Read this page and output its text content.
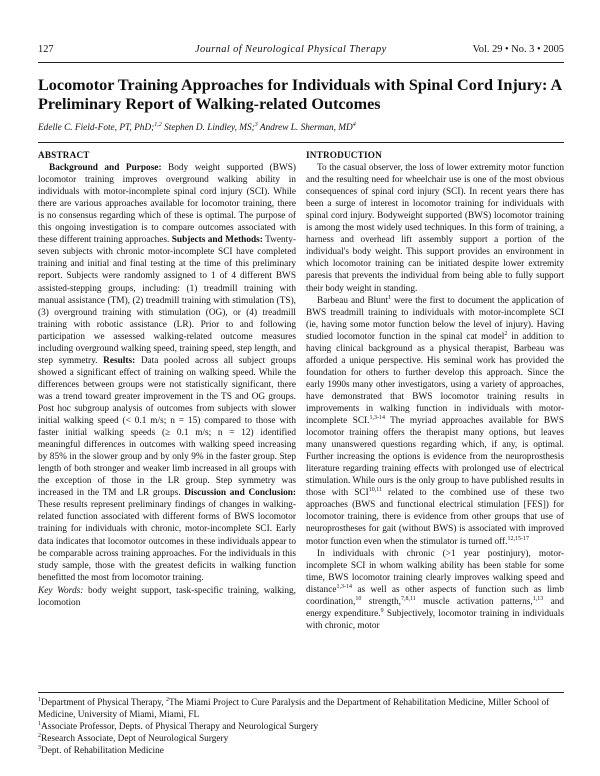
127	Journal of Neurological Physical Therapy	Vol. 29 • No. 3 • 2005
Locomotor Training Approaches for Individuals with Spinal Cord Injury: A Preliminary Report of Walking-related Outcomes
Edelle C. Field-Fote, PT, PhD;$^{1,2}$ Stephen D. Lindley, MS;$^3$ Andrew L. Sherman, $MD^4$
ABSTRACT

Background and Purpose: Body weight supported (BWS) locomotor training improves overground walking ability in individuals with motor-incomplete spinal cord injury (SCI). While there are various approaches available for locomotor training, there is no consensus regarding which of these is optimal. The purpose of this ongoing investigation is to compare outcomes associated with these different training approaches. Subjects and Methods: Twenty-seven subjects with chronic motor-incomplete SCI have completed training and initial and final testing at the time of this preliminary report. Subjects were randomly assigned to 1 of 4 different BWS assisted-stepping groups, including: (1) treadmill training with manual assistance (TM), (2) treadmill training with stimulation (TS), (3) overground training with stimulation (OG), or (4) treadmill training with robotic assistance (LR). Prior to and following participation we assessed walking-related outcome measures including overground walking speed, training speed, step length, and step symmetry. Results: Data pooled across all subject groups showed a significant effect of training on walking speed. While the differences between groups were not statistically significant, there was a trend toward greater improvement in the TS and OG groups. Post hoc subgroup analysis of outcomes from subjects with slower initial walking speed (< 0.1 m/s; n = 15) compared to those with faster initial walking speeds (≥ 0.1 m/s; n = 12) identified meaningful differences in outcomes with walking speed increasing by 85% in the slower group and by only 9% in the faster group. Step length of both stronger and weaker limb increased in all groups with the exception of those in the LR group. Step symmetry was increased in the TM and LR groups. Discussion and Conclusion: These results represent preliminary findings of changes in walking-related function associated with different forms of BWS locomotor training for individuals with chronic, motor-incomplete SCI. Early data indicates that locomotor outcomes in these individuals appear to be comparable across training approaches. For the individuals in this study sample, those with the greatest deficits in walking function benefitted the most from locomotor training.

Key Words: body weight support, task-specific training, walking, locomotion

INTRODUCTION

To the casual observer, the loss of lower extremity motor function and the resulting need for wheelchair use is one of the most obvious consequences of spinal cord injury (SCI). In recent years there has been a surge of interest in locomotor training for individuals with spinal cord injury. Bodyweight supported (BWS) locomotor training is among the most widely used techniques. In this form of training, a harness and overhead lift assembly support a portion of the individual's body weight. This support provides an environment in which locomotor training can be initiated despite lower extremity paresis that prevents the individual from being able to fully support their body weight in standing.

Barbeau and Blunt$^1$ were the first to document the application of BWS treadmill training to individuals with motor-incomplete SCI (ie, having some motor function below the level of injury). Having studied locomotor function in the spinal cat model$^2$ in addition to having clinical background as a physical therapist, Barbeau was afforded a unique perspective. His seminal work has provided the foundation for others to further develop this approach. Since the early 1990s many other investigators, using a variety of approaches, have demonstrated that BWS locomotor training results in improvements in walking function in individuals with motor-incomplete SCI.$^{1,3-14}$ The myriad approaches available for BWS locomotor training offers the therapist many options, but leaves many unanswered questions regarding which, if any, is optimal. Further increasing the options is evidence from the neuroprosthesis literature regarding training effects with prolonged use of electrical stimulation. While ours is the only group to have published results in those with SCI$^{10,11}$ related to the combined use of these two approaches (BWS and functional electrical stimulation [FES]) for locomotor training, there is evidence from other groups that use of neuroprostheses for gait (without BWS) is associated with improved motor function even when the stimulator is turned off.$^{12,15-17}$

In individuals with chronic (>1 year postinjury), motor-incomplete SCI in whom walking ability has been stable for some time, BWS locomotor training clearly improves walking speed and distance$^{1,3-14}$ as well as other aspects of function such as limb coordination,$^{10}$ strength,$^{7,8,11}$ muscle activation patterns,$^{1,13}$ and energy expenditure.$^9$ Subjectively, locomotor training in individuals with chronic, motor

$^1$Department of Physical Therapy, $^2$The Miami Project to Cure Paralysis and the Department of Rehabilitation Medicine, Miller School of Medicine, University of Miami, Miami, FL

$^1$Associate Professor, Depts. of Physical Therapy and Neurological Surgery

$^2$Research Associate, Dept of Neurological Surgery

$^3$Dept. of Rehabilitation Medicine
